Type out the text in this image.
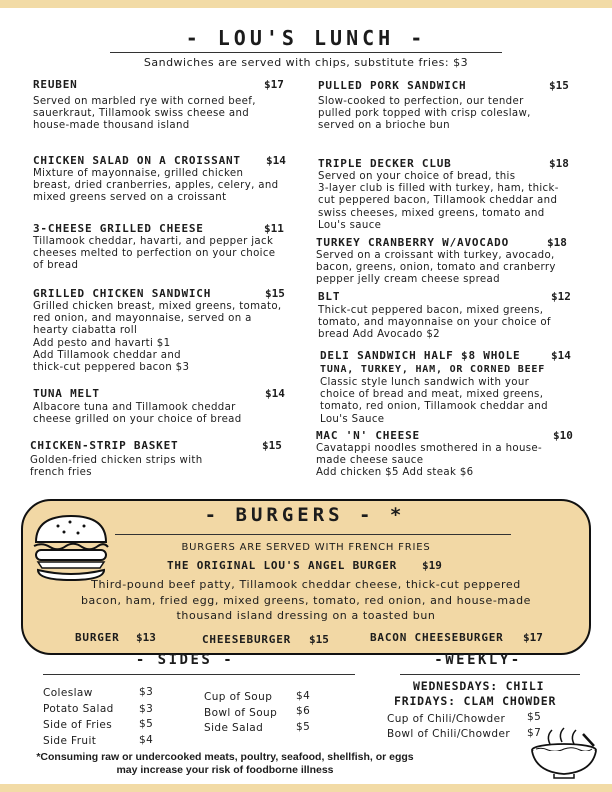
- LOU'S LUNCH -
Sandwiches are served with chips, substitute fries: $3
REUBEN	$17
Served on marbled rye with corned beef,
sauerkraut, Tillamook swiss cheese and
house-made thousand island
CHICKEN SALAD ON A CROISSANT $14
Mixture of mayonnaise, grilled chicken
breast, dried cranberries, apples, celery, and
mixed greens served on a croissant
3-CHEESE GRILLED CHEESE	$11
Tillamook cheddar, havarti, and pepper jack
cheeses melted to perfection on your choice
of bread
GRILLED CHICKEN SANDWICH	$15
Grilled chicken breast, mixed greens, tomato,
red onion, and mayonnaise, served on a
hearty ciabatta roll
Add pesto and havarti $1
Add Tillamook cheddar and
thick-cut peppered bacon $3
TUNA MELT	$14
Albacore tuna and Tillamook cheddar
cheese grilled on your choice of bread
CHICKEN-STRIP BASKET	$15
Golden-fried chicken strips with
french fries
PULLED PORK SANDWICH	$15
Slow-cooked to perfection, our tender
pulled pork topped with crisp coleslaw,
served on a brioche bun
TRIPLE DECKER CLUB	$18
Served on your choice of bread, this
3-layer club is filled with turkey, ham, thick-
cut peppered bacon, Tillamook cheddar and
swiss cheeses, mixed greens, tomato and
Lou's sauce
TURKEY CRANBERRY W/AVOCADO	$18
Served on a croissant with turkey, avocado,
bacon, greens, onion, tomato and cranberry
pepper jelly cream cheese spread
BLT	$12
Thick-cut peppered bacon, mixed greens,
tomato, and mayonnaise on your choice of
bread Add Avocado $2
DELI SANDWICH HALF $8 WHOLE	$14
TUNA, TURKEY, HAM, OR CORNED BEEF
Classic style lunch sandwich with your
choice of bread and meat, mixed greens,
tomato, red onion, Tillamook cheddar and
Lou's Sauce
MAC 'N' CHEESE	$10
Cavatappi noodles smothered in a house-
made cheese sauce
Add chicken $5 Add steak $6
- BURGERS - *
BURGERS ARE SERVED WITH FRENCH FRIES
THE ORIGINAL LOU'S ANGEL BURGER $19
Third-pound beef patty, Tillamook cheddar cheese, thick-cut peppered
bacon, ham, fried egg, mixed greens, tomato, red onion, and house-made
thousand island dressing on a toasted bun
BURGER $13	CHEESEBURGER $15	BACON CHEESEBURGER $17
- SIDES -
Coleslaw	$3
Potato Salad $3
Side of Fries	$5
Side Fruit	$4
Cup of Soup $4
Bowl of Soup $6
Side Salad	$5
-WEEKLY-
WEDNESDAYS: CHILI
FRIDAYS: CLAM CHOWDER
Cup of Chili/Chowder $5
Bowl of Chili/Chowder $7
*Consuming raw or undercooked meats, poultry, seafood, shellfish, or eggs
may increase your risk of foodborne illness
